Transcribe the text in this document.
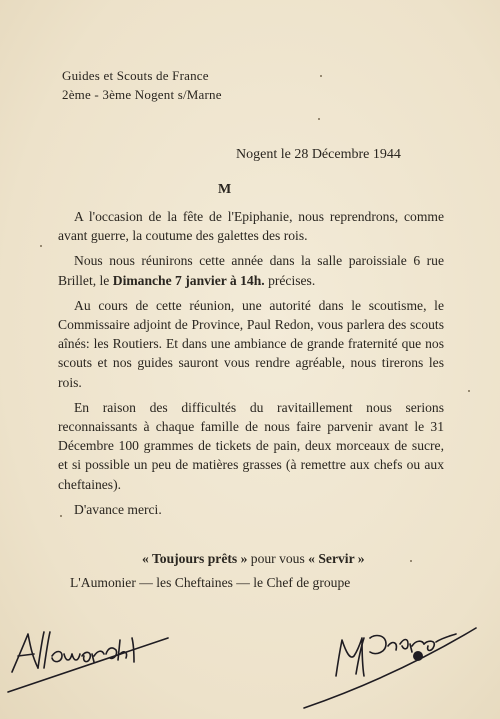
Guides et Scouts de France
2ème - 3ème Nogent s/Marne
Nogent le 28 Décembre 1944
M

A l'occasion de la fête de l'Epiphanie, nous reprendrons, comme avant guerre, la coutume des galettes des rois.

Nous nous réunirons cette année dans la salle paroissiale 6 rue Brillet, le Dimanche 7 janvier à 14h. précises.

Au cours de cette réunion, une autorité dans le scoutisme, le Commissaire adjoint de Province, Paul Redon, vous parlera des scouts aînés: les Routiers. Et dans une ambiance de grande fraternité que nos scouts et nos guides sauront vous rendre agréable, nous tirerons les rois.

En raison des difficultés du ravitaillement nous serions reconnaissants à chaque famille de nous faire parvenir avant le 31 Décembre 100 grammes de tickets de pain, deux morceaux de sucre, et si possible un peu de matières grasses (à remettre aux chefs ou aux cheftaines).

D'avance merci.

« Toujours prêts » pour vous « Servir »
L'Aumonier — les Cheftaines — le Chef de groupe
